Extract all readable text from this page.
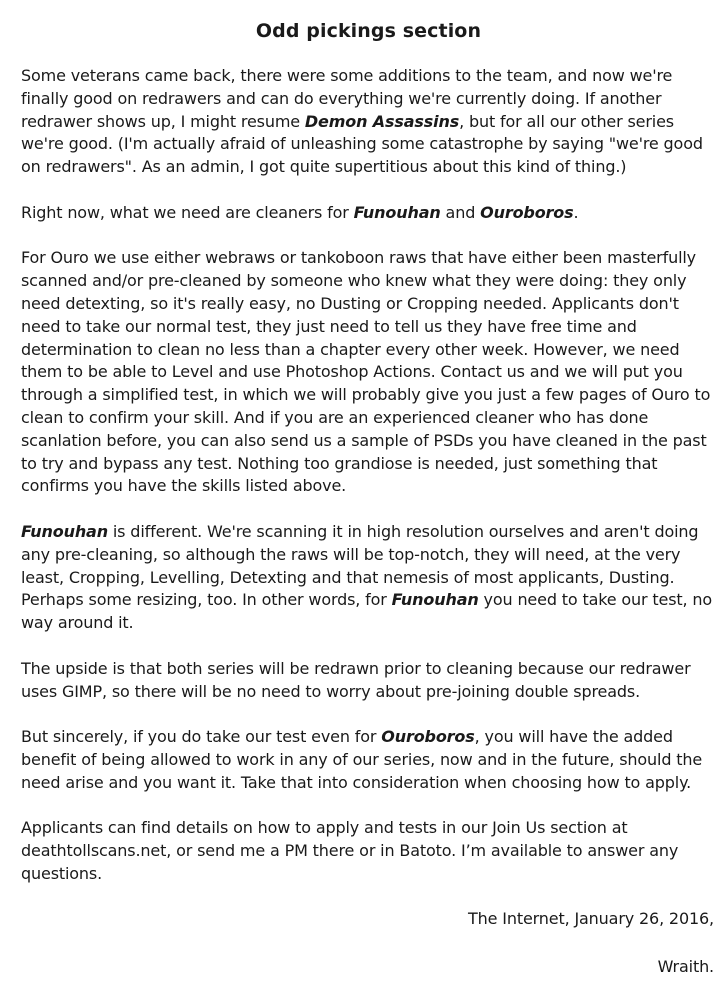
Odd pickings section

Some veterans came back, there were some additions to the team, and now we're finally good on redrawers and can do everything we're currently doing. If another redrawer shows up, I might resume Demon Assassins, but for all our other series we're good. (I'm actually afraid of unleashing some catastrophe by saying "we're good on redrawers". As an admin, I got quite supertitious about this kind of thing.)

Right now, what we need are cleaners for Funouhan and Ouroboros.

For Ouro we use either webraws or tankoboon raws that have either been masterfully scanned and/or pre-cleaned by someone who knew what they were doing: they only need detexting, so it's really easy, no Dusting or Cropping needed. Applicants don't need to take our normal test, they just need to tell us they have free time and determination to clean no less than a chapter every other week. However, we need them to be able to Level and use Photoshop Actions. Contact us and we will put you through a simplified test, in which we will probably give you just a few pages of Ouro to clean to confirm your skill. And if you are an experienced cleaner who has done scanlation before, you can also send us a sample of PSDs you have cleaned in the past to try and bypass any test. Nothing too grandiose is needed, just something that confirms you have the skills listed above.

Funouhan is different. We're scanning it in high resolution ourselves and aren't doing any pre-cleaning, so although the raws will be top-notch, they will need, at the very least, Cropping, Levelling, Detexting and that nemesis of most applicants, Dusting. Perhaps some resizing, too. In other words, for Funouhan you need to take our test, no way around it.

The upside is that both series will be redrawn prior to cleaning because our redrawer uses GIMP, so there will be no need to worry about pre-joining double spreads.

But sincerely, if you do take our test even for Ouroboros, you will have the added benefit of being allowed to work in any of our series, now and in the future, should the need arise and you want it. Take that into consideration when choosing how to apply.

Applicants can find details on how to apply and tests in our Join Us section at deathtollscans.net, or send me a PM there or in Batoto. I’m available to answer any questions.

The Internet, January 26, 2016,
Wraith.
